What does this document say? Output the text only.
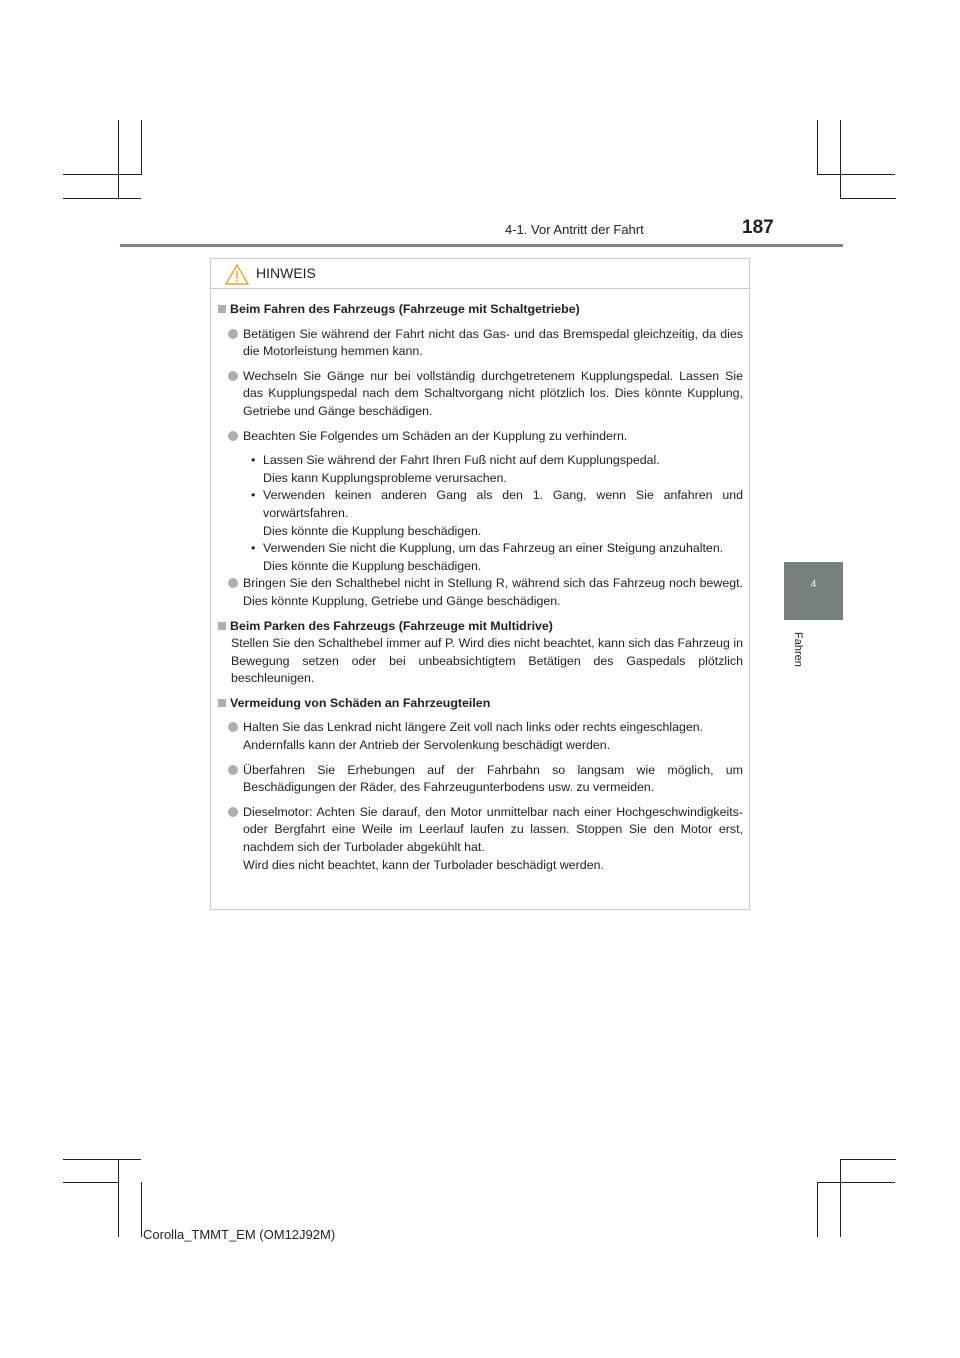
4-1. Vor Antritt der Fahrt	187
4
Fahren
HINWEIS
Beim Fahren des Fahrzeugs (Fahrzeuge mit Schaltgetriebe)
Betätigen Sie während der Fahrt nicht das Gas- und das Bremspedal gleichzeitig, da dies die Motorleistung hemmen kann.
Wechseln Sie Gänge nur bei vollständig durchgetretenem Kupplungspedal. Lassen Sie das Kupplungspedal nach dem Schaltvorgang nicht plötzlich los. Dies könnte Kupplung, Getriebe und Gänge beschädigen.
Beachten Sie Folgendes um Schäden an der Kupplung zu verhindern.
• Lassen Sie während der Fahrt Ihren Fuß nicht auf dem Kupplungspedal.
Dies kann Kupplungsprobleme verursachen.
• Verwenden keinen anderen Gang als den 1. Gang, wenn Sie anfahren und vorwärtsfahren.
Dies könnte die Kupplung beschädigen.
• Verwenden Sie nicht die Kupplung, um das Fahrzeug an einer Steigung anzuhalten.
Dies könnte die Kupplung beschädigen.
Bringen Sie den Schalthebel nicht in Stellung R, während sich das Fahrzeug noch bewegt. Dies könnte Kupplung, Getriebe und Gänge beschädigen.
Beim Parken des Fahrzeugs (Fahrzeuge mit Multidrive)
Stellen Sie den Schalthebel immer auf P. Wird dies nicht beachtet, kann sich das Fahrzeug in Bewegung setzen oder bei unbeabsichtigtem Betätigen des Gaspedals plötzlich beschleunigen.
Vermeidung von Schäden an Fahrzeugteilen
Halten Sie das Lenkrad nicht längere Zeit voll nach links oder rechts eingeschlagen.
Andernfalls kann der Antrieb der Servolenkung beschädigt werden.
Überfahren Sie Erhebungen auf der Fahrbahn so langsam wie möglich, um Beschädigungen der Räder, des Fahrzeugunterbodens usw. zu vermeiden.
Dieselmotor: Achten Sie darauf, den Motor unmittelbar nach einer Hochgeschwindigkeits- oder Bergfahrt eine Weile im Leerlauf laufen zu lassen. Stoppen Sie den Motor erst, nachdem sich der Turbolader abgekühlt hat.
Wird dies nicht beachtet, kann der Turbolader beschädigt werden.
Corolla_TMMT_EM (OM12J92M)
